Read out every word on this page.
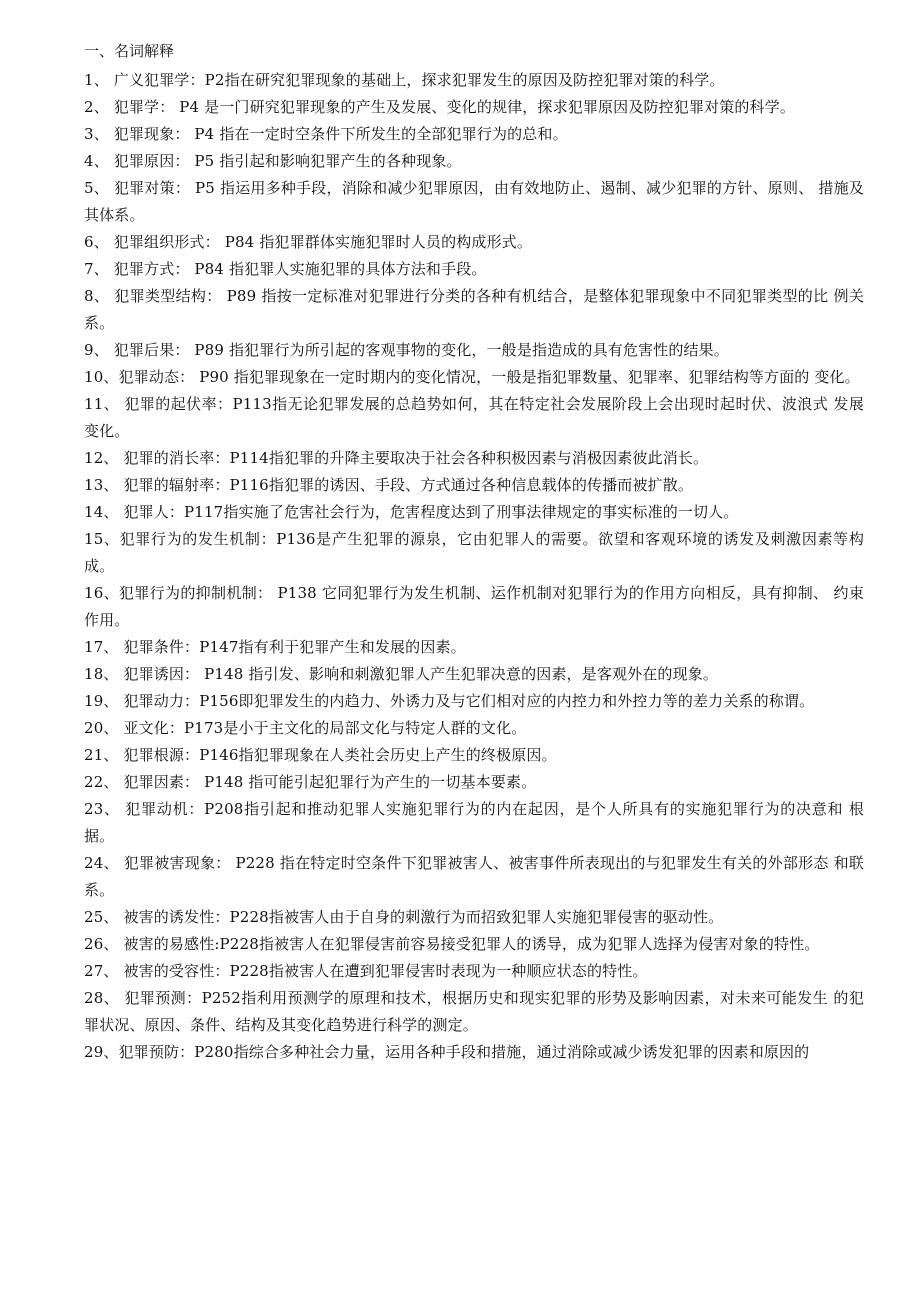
一、名词解释
1、 广义犯罪学：P2指在研究犯罪现象的基础上，探求犯罪发生的原因及防控犯罪对策的科学。
2、 犯罪学： P4 是一门研究犯罪现象的产生及发展、变化的规律，探求犯罪原因及防控犯罪对策的科学。
3、 犯罪现象： P4 指在一定时空条件下所发生的全部犯罪行为的总和。
4、 犯罪原因： P5 指引起和影响犯罪产生的各种现象。
5、 犯罪对策： P5 指运用多种手段，消除和减少犯罪原因，由有效地防止、遏制、减少犯罪的方针、原则、 措施及其体系。
6、 犯罪组织形式： P84 指犯罪群体实施犯罪时人员的构成形式。
7、 犯罪方式： P84 指犯罪人实施犯罪的具体方法和手段。
8、 犯罪类型结构： P89 指按一定标准对犯罪进行分类的各种有机结合，是整体犯罪现象中不同犯罪类型的比 例关系。
9、 犯罪后果： P89 指犯罪行为所引起的客观事物的变化，一般是指造成的具有危害性的结果。
10、犯罪动态： P90 指犯罪现象在一定时期内的变化情况，一般是指犯罪数量、犯罪率、犯罪结构等方面的 变化。
11、 犯罪的起伏率：P113指无论犯罪发展的总趋势如何，其在特定社会发展阶段上会出现时起时伏、波浪式 发展变化。
12、 犯罪的消长率：P114指犯罪的升降主要取决于社会各种积极因素与消极因素彼此消长。
13、 犯罪的辐射率：P116指犯罪的诱因、手段、方式通过各种信息载体的传播而被扩散。
14、 犯罪人：P117指实施了危害社会行为，危害程度达到了刑事法律规定的事实标准的一切人。
15、犯罪行为的发生机制：P136是产生犯罪的源泉，它由犯罪人的需要。欲望和客观环境的诱发及刺激因素等构成。
16、犯罪行为的抑制机制： P138 它同犯罪行为发生机制、运作机制对犯罪行为的作用方向相反，具有抑制、 约束作用。
17、 犯罪条件：P147指有利于犯罪产生和发展的因素。
18、 犯罪诱因： P148 指引发、影响和刺激犯罪人产生犯罪决意的因素，是客观外在的现象。
19、 犯罪动力：P156即犯罪发生的内趋力、外诱力及与它们相对应的内控力和外控力等的差力关系的称谓。
20、 亚文化：P173是小于主文化的局部文化与特定人群的文化。
21、 犯罪根源：P146指犯罪现象在人类社会历史上产生的终极原因。
22、 犯罪因素： P148 指可能引起犯罪行为产生的一切基本要素。
23、 犯罪动机：P208指引起和推动犯罪人实施犯罪行为的内在起因，是个人所具有的实施犯罪行为的决意和 根据。
24、 犯罪被害现象： P228 指在特定时空条件下犯罪被害人、被害事件所表现出的与犯罪发生有关的外部形态 和联系。
25、 被害的诱发性：P228指被害人由于自身的刺激行为而招致犯罪人实施犯罪侵害的驱动性。
26、 被害的易感性:P228指被害人在犯罪侵害前容易接受犯罪人的诱导，成为犯罪人选择为侵害对象的特性。
27、 被害的受容性：P228指被害人在遭到犯罪侵害时表现为一种顺应状态的特性。
28、 犯罪预测：P252指利用预测学的原理和技术，根据历史和现实犯罪的形势及影响因素，对未来可能发生 的犯罪状况、原因、条件、结构及其变化趋势进行科学的测定。
29、犯罪预防：P280指综合多种社会力量，运用各种手段和措施，通过消除或减少诱发犯罪的因素和原因的
